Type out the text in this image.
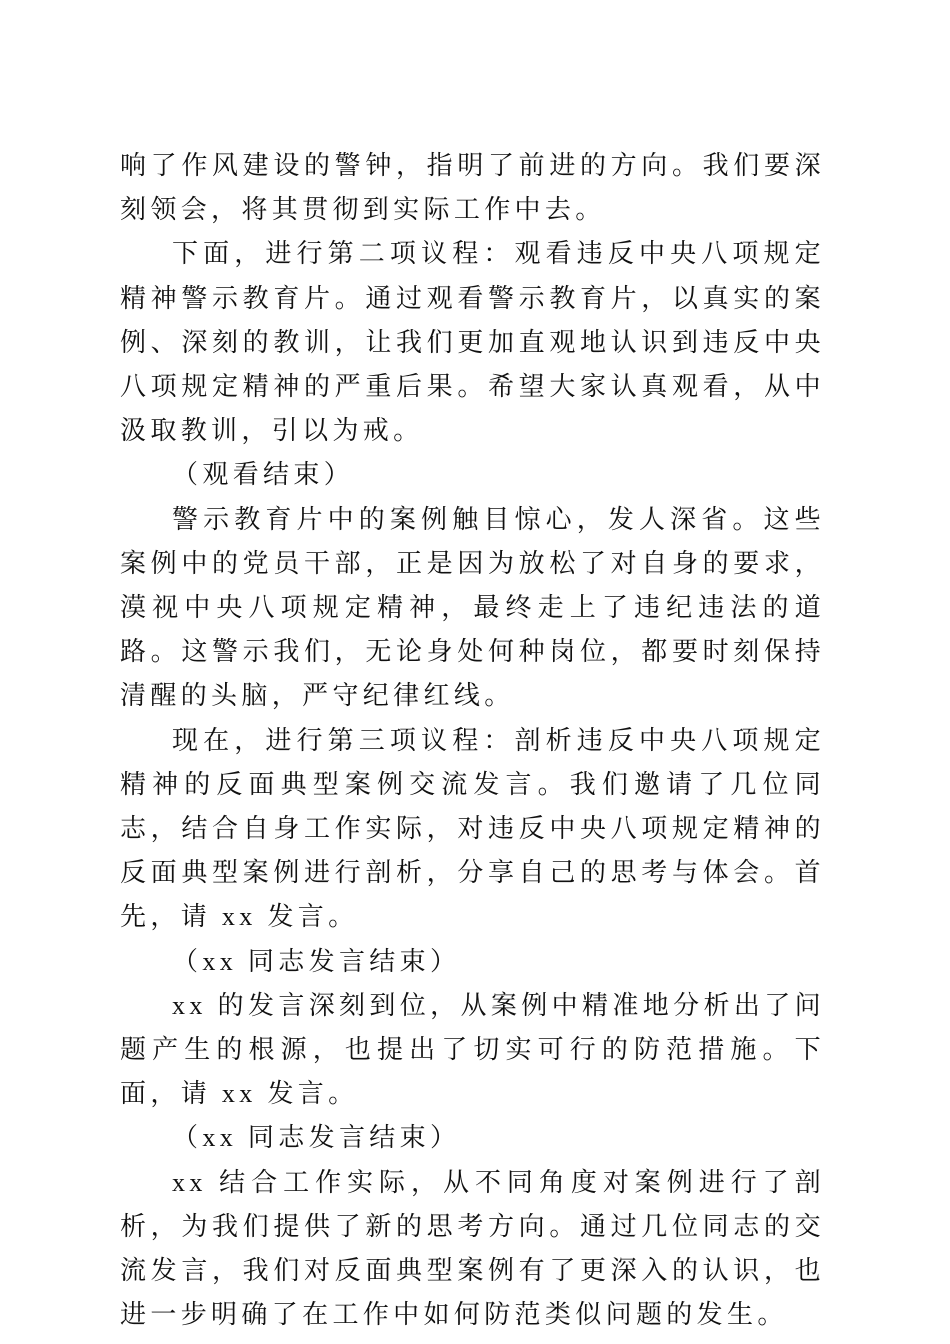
响了作风建设的警钟，指明了前进的方向。我们要深刻领会，将其贯彻到实际工作中去。

下面，进行第二项议程：观看违反中央八项规定精神警示教育片。通过观看警示教育片，以真实的案例、深刻的教训，让我们更加直观地认识到违反中央八项规定精神的严重后果。希望大家认真观看，从中汲取教训，引以为戒。

（观看结束）

警示教育片中的案例触目惊心，发人深省。这些案例中的党员干部，正是因为放松了对自身的要求，漠视中央八项规定精神，最终走上了违纪违法的道路。这警示我们，无论身处何种岗位，都要时刻保持清醒的头脑，严守纪律红线。

现在，进行第三项议程：剖析违反中央八项规定精神的反面典型案例交流发言。我们邀请了几位同志，结合自身工作实际，对违反中央八项规定精神的反面典型案例进行剖析，分享自己的思考与体会。首先，请 xx 发言。

（xx 同志发言结束）

xx 的发言深刻到位，从案例中精准地分析出了问题产生的根源，也提出了切实可行的防范措施。下面，请 xx 发言。

（xx 同志发言结束）

xx 结合工作实际，从不同角度对案例进行了剖析，为我们提供了新的思考方向。通过几位同志的交流发言，我们对反面典型案例有了更深入的认识，也进一步明确了在工作中如何防范类似问题的发生。
